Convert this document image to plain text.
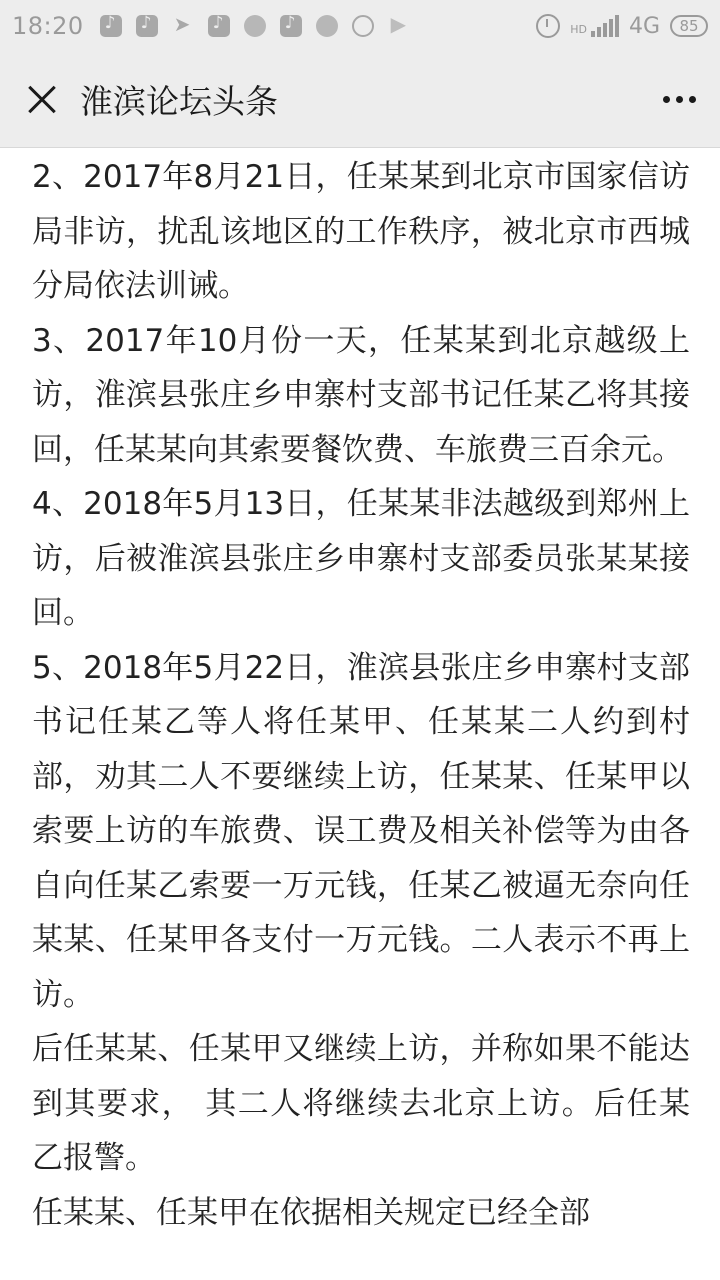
18:20 ♪ ♪ ➤ ♪ ♪ ▶	HD 4G	85
淮滨论坛头条

2、2017年8月21日，任某某到北京市国家信访局非访，扰乱该地区的工作秩序，被北京市西城分局依法训诫。

3、2017年10月份一天，任某某到北京越级上访，淮滨县张庄乡申寨村支部书记任某乙将其接回，任某某向其索要餐饮费、车旅费三百余元。

4、2018年5月13日，任某某非法越级到郑州上访，后被淮滨县张庄乡申寨村支部委员张某某接回。

5、2018年5月22日，淮滨县张庄乡申寨村支部书记任某乙等人将任某甲、任某某二人约到村部，劝其二人不要继续上访，任某某、任某甲以索要上访的车旅费、误工费及相关补偿等为由各自向任某乙索要一万元钱，任某乙被逼无奈向任某某、任某甲各支付一万元钱。二人表示不再上访。

后任某某、任某甲又继续上访，并称如果不能达到其要求， 其二人将继续去北京上访。后任某乙报警。

任某某、任某甲在依据相关规定已经全部
